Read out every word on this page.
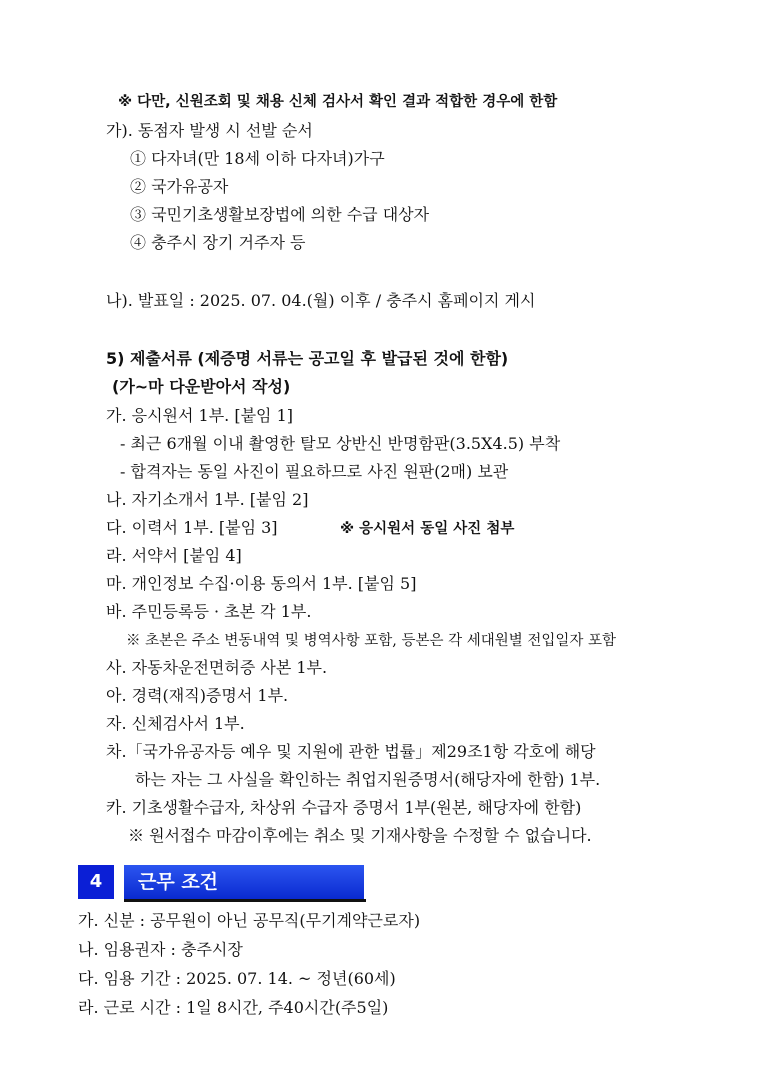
※ 다만, 신원조회 및 채용 신체 검사서 확인 결과 적합한 경우에 한함
가). 동점자 발생 시 선발 순서
① 다자녀(만 18세 이하 다자녀)가구
② 국가유공자
③ 국민기초생활보장법에 의한 수급 대상자
④ 충주시 장기 거주자 등
나). 발표일 : 2025. 07. 04.(월) 이후 / 충주시 홈페이지 게시
5) 제출서류 (제증명 서류는 공고일 후 발급된 것에 한함)
(가~마 다운받아서 작성)
가. 응시원서 1부. [붙임 1]
- 최근 6개월 이내 촬영한 탈모 상반신 반명함판(3.5X4.5) 부착
- 합격자는 동일 사진이 필요하므로 사진 원판(2매) 보관
나. 자기소개서 1부. [붙임 2]
다. 이력서 1부. [붙임 3]	※ 응시원서 동일 사진 첨부
라. 서약서 [붙임 4]
마. 개인정보 수집·이용 동의서 1부. [붙임 5]
바. 주민등록등 · 초본 각 1부.
※ 초본은 주소 변동내역 및 병역사항 포함, 등본은 각 세대원별 전입일자 포함
사. 자동차운전면허증 사본 1부.
아. 경력(재직)증명서 1부.
자. 신체검사서 1부.
차.「국가유공자등 예우 및 지원에 관한 법률」제29조1항 각호에 해당
하는 자는 그 사실을 확인하는 취업지원증명서(해당자에 한함) 1부.
카. 기초생활수급자, 차상위 수급자 증명서 1부(원본, 해당자에 한함)
※ 원서접수 마감이후에는 취소 및 기재사항을 수정할 수 없습니다.
4	근무 조건
가. 신분 : 공무원이 아닌 공무직(무기계약근로자)
나. 임용권자 : 충주시장
다. 임용 기간 : 2025. 07. 14. ~ 정년(60세)
라. 근로 시간 : 1일 8시간, 주40시간(주5일)
